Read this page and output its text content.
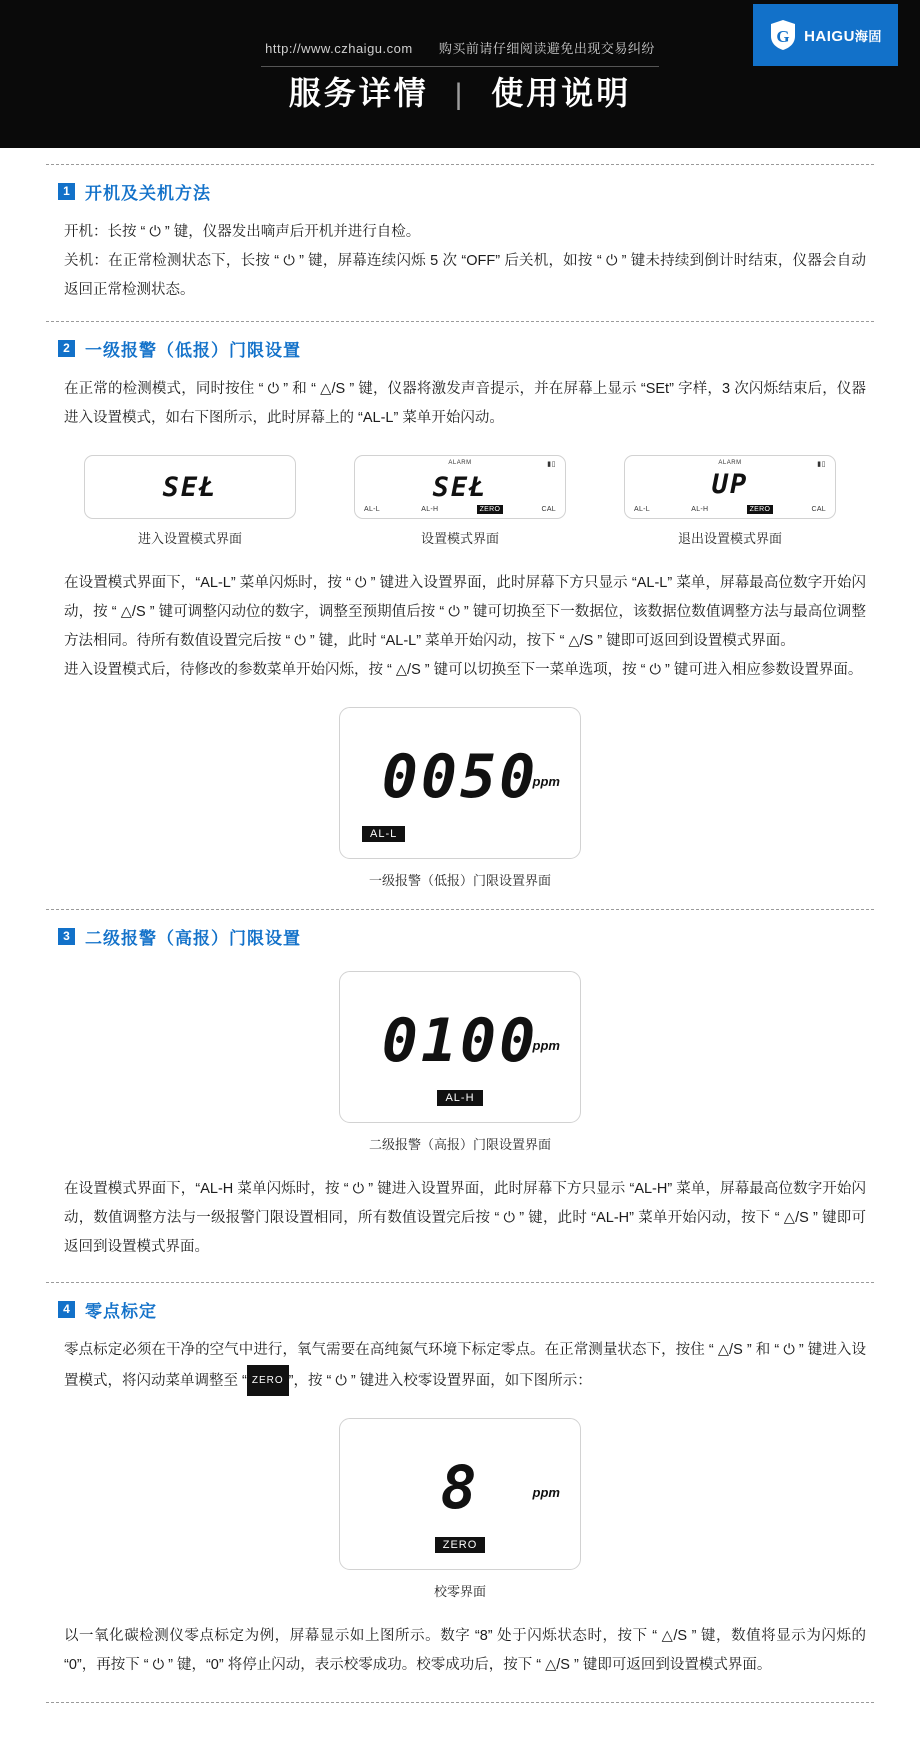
http://www.czhaigu.com 购买前请仔细阅读避免出现交易纠纷
服务详情 | 使用说明
G HAIGU海固
1 开机及关机方法
开机：长按 “ ⏻ ” 键，仪器发出嘀声后开机并进行自检。
关机：在正常检测状态下，长按 “ ⏻ ” 键，屏幕连续闪烁 5 次 “OFF” 后关机，如按 “ ⏻ ” 键未持续到倒计时结束，仪器会自动返回正常检测状态。
2 一级报警（低报）门限设置
在正常的检测模式，同时按住 “ ⏻ ” 和 “ △/S ” 键，仪器将激发声音提示，并在屏幕上显示 “SEt” 字样，3 次闪烁结束后，仪器进入设置模式，如右下图所示，此时屏幕上的 “AL-L” 菜单开始闪动。
SEŁ
进入设置模式界面
ALARM	▮▯
SEŁ
AL-L	AL-H	ZERO	CAL
设置模式界面
ALARM	▮▯
UP
AL-L	AL-H	ZERO	CAL
退出设置模式界面
在设置模式界面下，“AL-L” 菜单闪烁时，按 “ ⏻ ” 键进入设置界面，此时屏幕下方只显示 “AL-L” 菜单，屏幕最高位数字开始闪动，按 “ △/S ” 键可调整闪动位的数字，调整至预期值后按 “ ⏻ ” 键可切换至下一数据位，该数据位数值调整方法与最高位调整方法相同。待所有数值设置完后按 “ ⏻ ” 键，此时 “AL-L” 菜单开始闪动，按下 “ △/S ” 键即可返回到设置模式界面。
进入设置模式后，待修改的参数菜单开始闪烁，按 “ △/S ” 键可以切换至下一菜单选项，按 “ ⏻ ” 键可进入相应参数设置界面。
0050
ppm
AL-L
一级报警（低报）门限设置界面
3 二级报警（高报）门限设置
0100
ppm
AL-H
二级报警（高报）门限设置界面
在设置模式界面下，“AL-H 菜单闪烁时，按 “ ⏻ ” 键进入设置界面，此时屏幕下方只显示 “AL-H” 菜单，屏幕最高位数字开始闪动，数值调整方法与一级报警门限设置相同，所有数值设置完后按 “ ⏻ ” 键，此时 “AL-H” 菜单开始闪动，按下 “ △/S ” 键即可返回到设置模式界面。
4 零点标定
零点标定必须在干净的空气中进行，氧气需要在高纯氮气环境下标定零点。在正常测量状态下，按住 “ △/S ” 和 “ ⏻ ” 键进入设置模式，将闪动菜单调整至 “ ZERO ”，按 “ ⏻ ” 键进入校零设置界面，如下图所示：
8	ppm
ZERO
校零界面
以一氧化碳检测仪零点标定为例，屏幕显示如上图所示。数字 “8” 处于闪烁状态时，按下 “ △/S ” 键，数值将显示为闪烁的 “0”，再按下 “ ⏻ ” 键，“0” 将停止闪动，表示校零成功。校零成功后，按下 “ △/S ” 键即可返回到设置模式界面。
